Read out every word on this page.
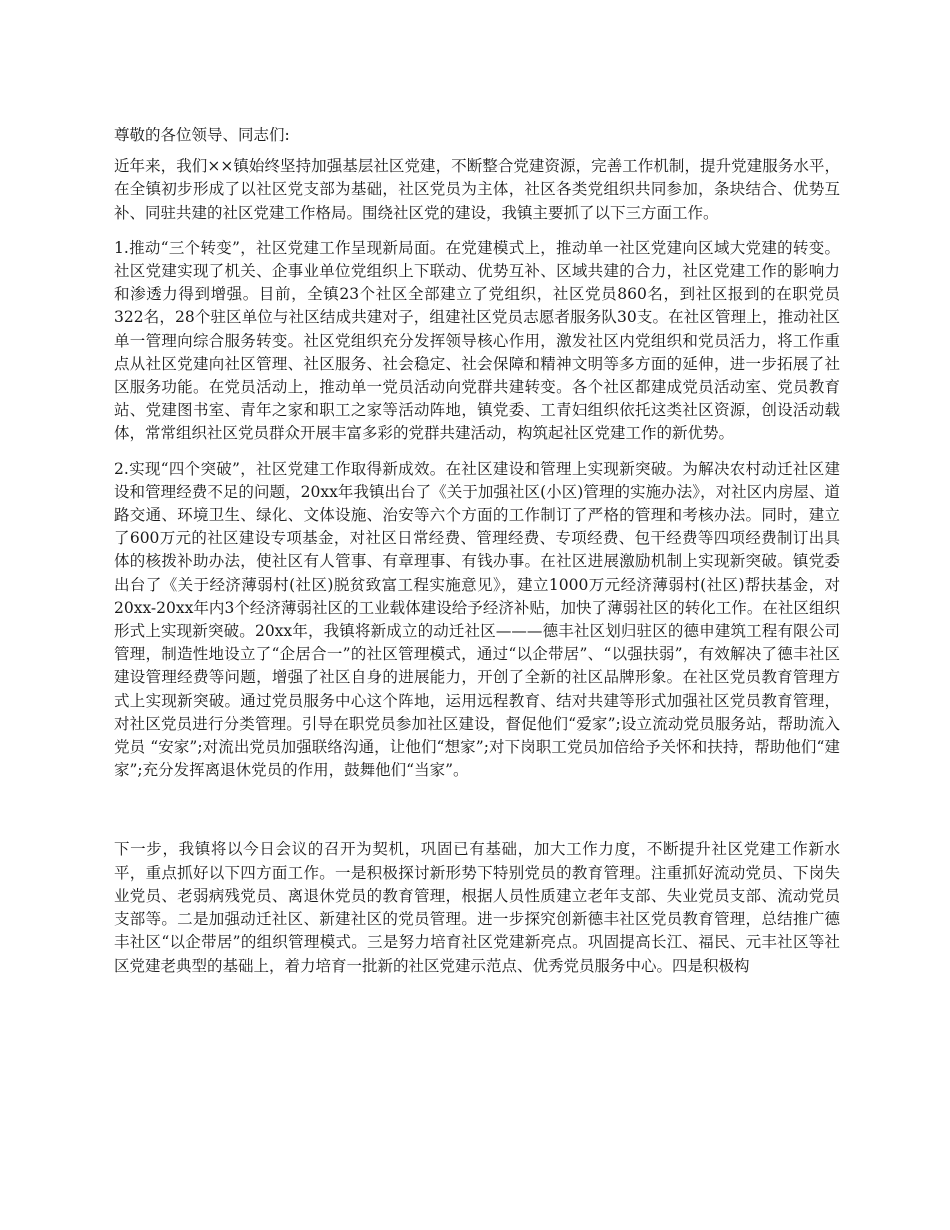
尊敬的各位领导、同志们:

近年来，我们××镇始终坚持加强基层社区党建，不断整合党建资源，完善工作机制，提升党建服务水平，在全镇初步形成了以社区党支部为基础，社区党员为主体，社区各类党组织共同参加，条块结合、优势互补、同驻共建的社区党建工作格局。围绕社区党的建设，我镇主要抓了以下三方面工作。

1.推动“三个转变”，社区党建工作呈现新局面。在党建模式上，推动单一社区党建向区域大党建的转变。社区党建实现了机关、企事业单位党组织上下联动、优势互补、区域共建的合力，社区党建工作的影响力和渗透力得到增强。目前，全镇23个社区全部建立了党组织，社区党员860名，到社区报到的在职党员322名，28个驻区单位与社区结成共建对子，组建社区党员志愿者服务队30支。在社区管理上，推动社区单一管理向综合服务转变。社区党组织充分发挥领导核心作用，激发社区内党组织和党员活力，将工作重点从社区党建向社区管理、社区服务、社会稳定、社会保障和精神文明等多方面的延伸，进一步拓展了社区服务功能。在党员活动上，推动单一党员活动向党群共建转变。各个社区都建成党员活动室、党员教育站、党建图书室、青年之家和职工之家等活动阵地，镇党委、工青妇组织依托这类社区资源，创设活动载体，常常组织社区党员群众开展丰富多彩的党群共建活动，构筑起社区党建工作的新优势。

2.实现“四个突破”，社区党建工作取得新成效。在社区建设和管理上实现新突破。为解决农村动迁社区建设和管理经费不足的问题，20xx年我镇出台了《关于加强社区(小区)管理的实施办法》，对社区内房屋、道路交通、环境卫生、绿化、文体设施、治安等六个方面的工作制订了严格的管理和考核办法。同时，建立了600万元的社区建设专项基金，对社区日常经费、管理经费、专项经费、包干经费等四项经费制订出具体的核拨补助办法，使社区有人管事、有章理事、有钱办事。在社区进展激励机制上实现新突破。镇党委出台了《关于经济薄弱村(社区)脱贫致富工程实施意见》，建立1000万元经济薄弱村(社区)帮扶基金，对20xx-20xx年内3个经济薄弱社区的工业载体建设给予经济补贴，加快了薄弱社区的转化工作。在社区组织形式上实现新突破。20xx年，我镇将新成立的动迁社区———德丰社区划归驻区的德申建筑工程有限公司管理，制造性地设立了“企居合一”的社区管理模式，通过“以企带居”、“以强扶弱”，有效解决了德丰社区建设管理经费等问题，增强了社区自身的进展能力，开创了全新的社区品牌形象。在社区党员教育管理方式上实现新突破。通过党员服务中心这个阵地，运用远程教育、结对共建等形式加强社区党员教育管理，对社区党员进行分类管理。引导在职党员参加社区建设，督促他们“爱家”;设立流动党员服务站，帮助流入党员 “安家”;对流出党员加强联络沟通，让他们“想家”;对下岗职工党员加倍给予关怀和扶持，帮助他们“建家”;充分发挥离退休党员的作用，鼓舞他们“当家”。

下一步，我镇将以今日会议的召开为契机，巩固已有基础，加大工作力度，不断提升社区党建工作新水平，重点抓好以下四方面工作。一是积极探讨新形势下特别党员的教育管理。注重抓好流动党员、下岗失业党员、老弱病残党员、离退休党员的教育管理，根据人员性质建立老年支部、失业党员支部、流动党员支部等。二是加强动迁社区、新建社区的党员管理。进一步探究创新德丰社区党员教育管理，总结推广德丰社区“以企带居”的组织管理模式。三是努力培育社区党建新亮点。巩固提高长江、福民、元丰社区等社区党建老典型的基础上，着力培育一批新的社区党建示范点、优秀党员服务中心。四是积极构
